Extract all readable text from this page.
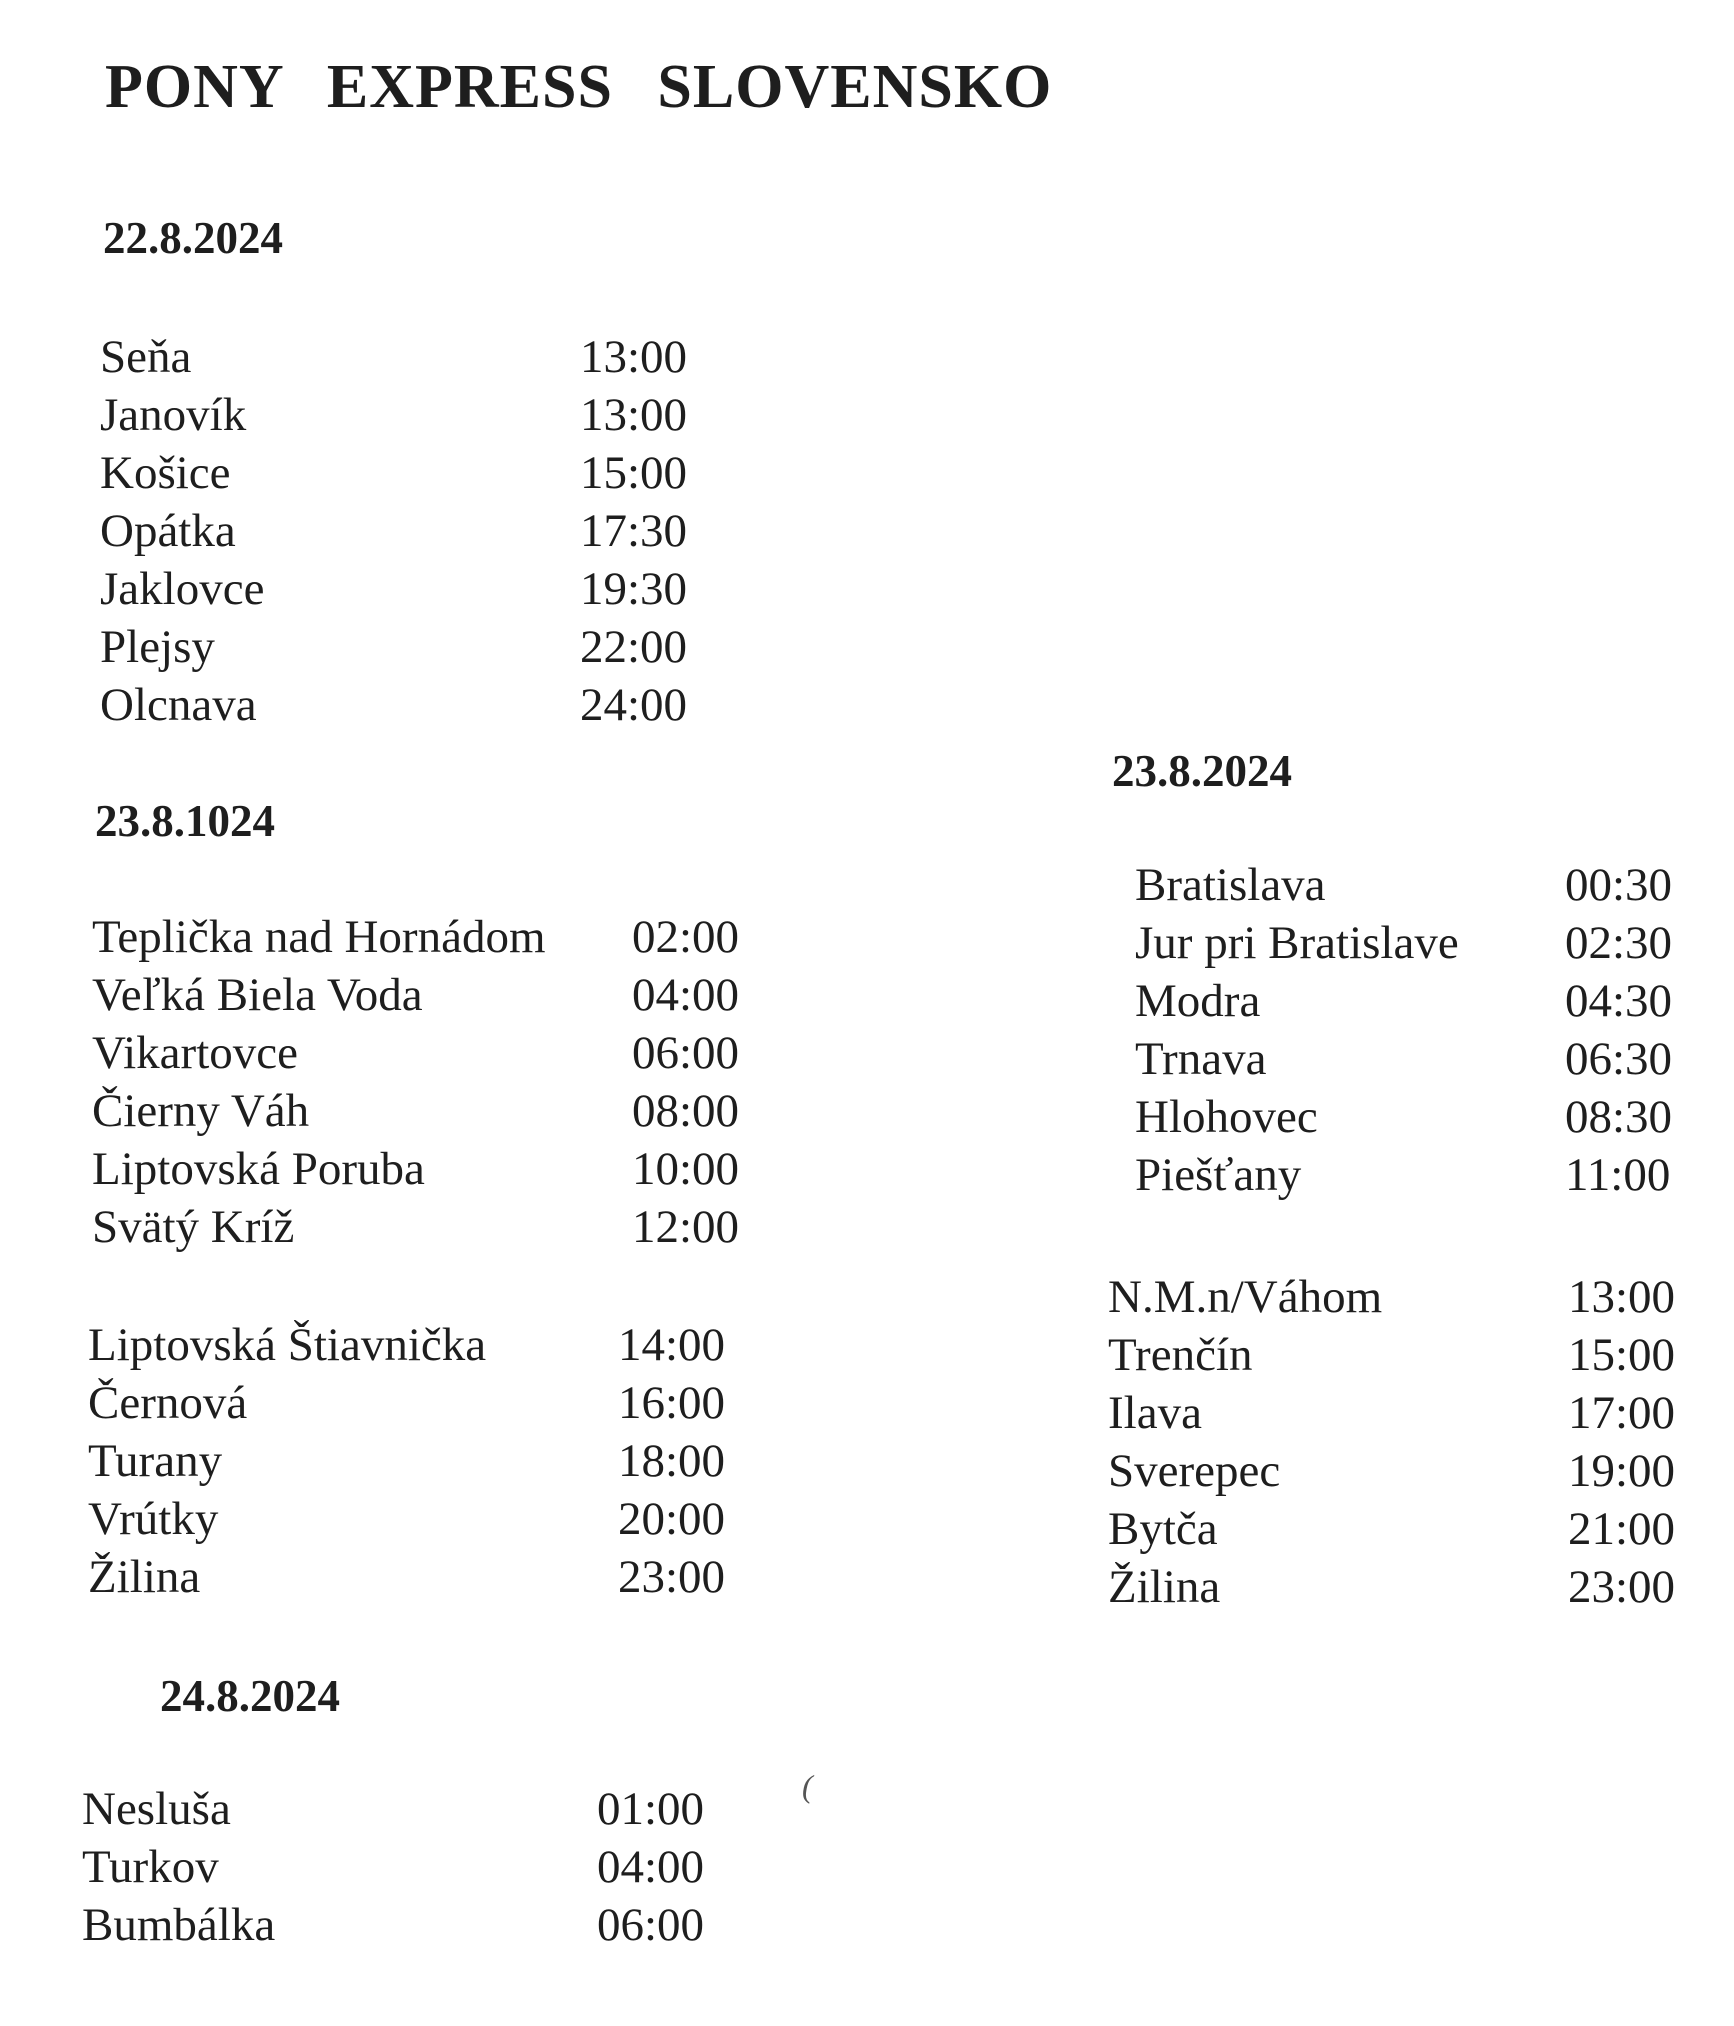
PONY EXPRESS SLOVENSKO
22.8.2024
Seňa	13:00
Janovík	13:00
Košice	15:00
Opátka	17:30
Jaklovce	19:30
Plejsy	22:00
Olcnava	24:00
23.8.1024
Teplička nad Hornádom 02:00
Veľká Biela Voda	04:00
Vikartovce	06:00
Čierny Váh	08:00
Liptovská Poruba	10:00
Svätý Kríž	12:00
Liptovská Štiavnička	14:00
Černová	16:00
Turany	18:00
Vrútky	20:00
Žilina	23:00
24.8.2024
Nesluša	01:00
Turkov	04:00
Bumbálka	06:00
23.8.2024
Bratislava	00:30
Jur pri Bratislave 02:30
Modra	04:30
Trnava	06:30
Hlohovec	08:30
Piešťany	11:00
N.M.n/Váhom	13:00
Trenčín	15:00
Ilava	17:00
Sverepec	19:00
Bytča	21:00
Žilina	23:00
(
